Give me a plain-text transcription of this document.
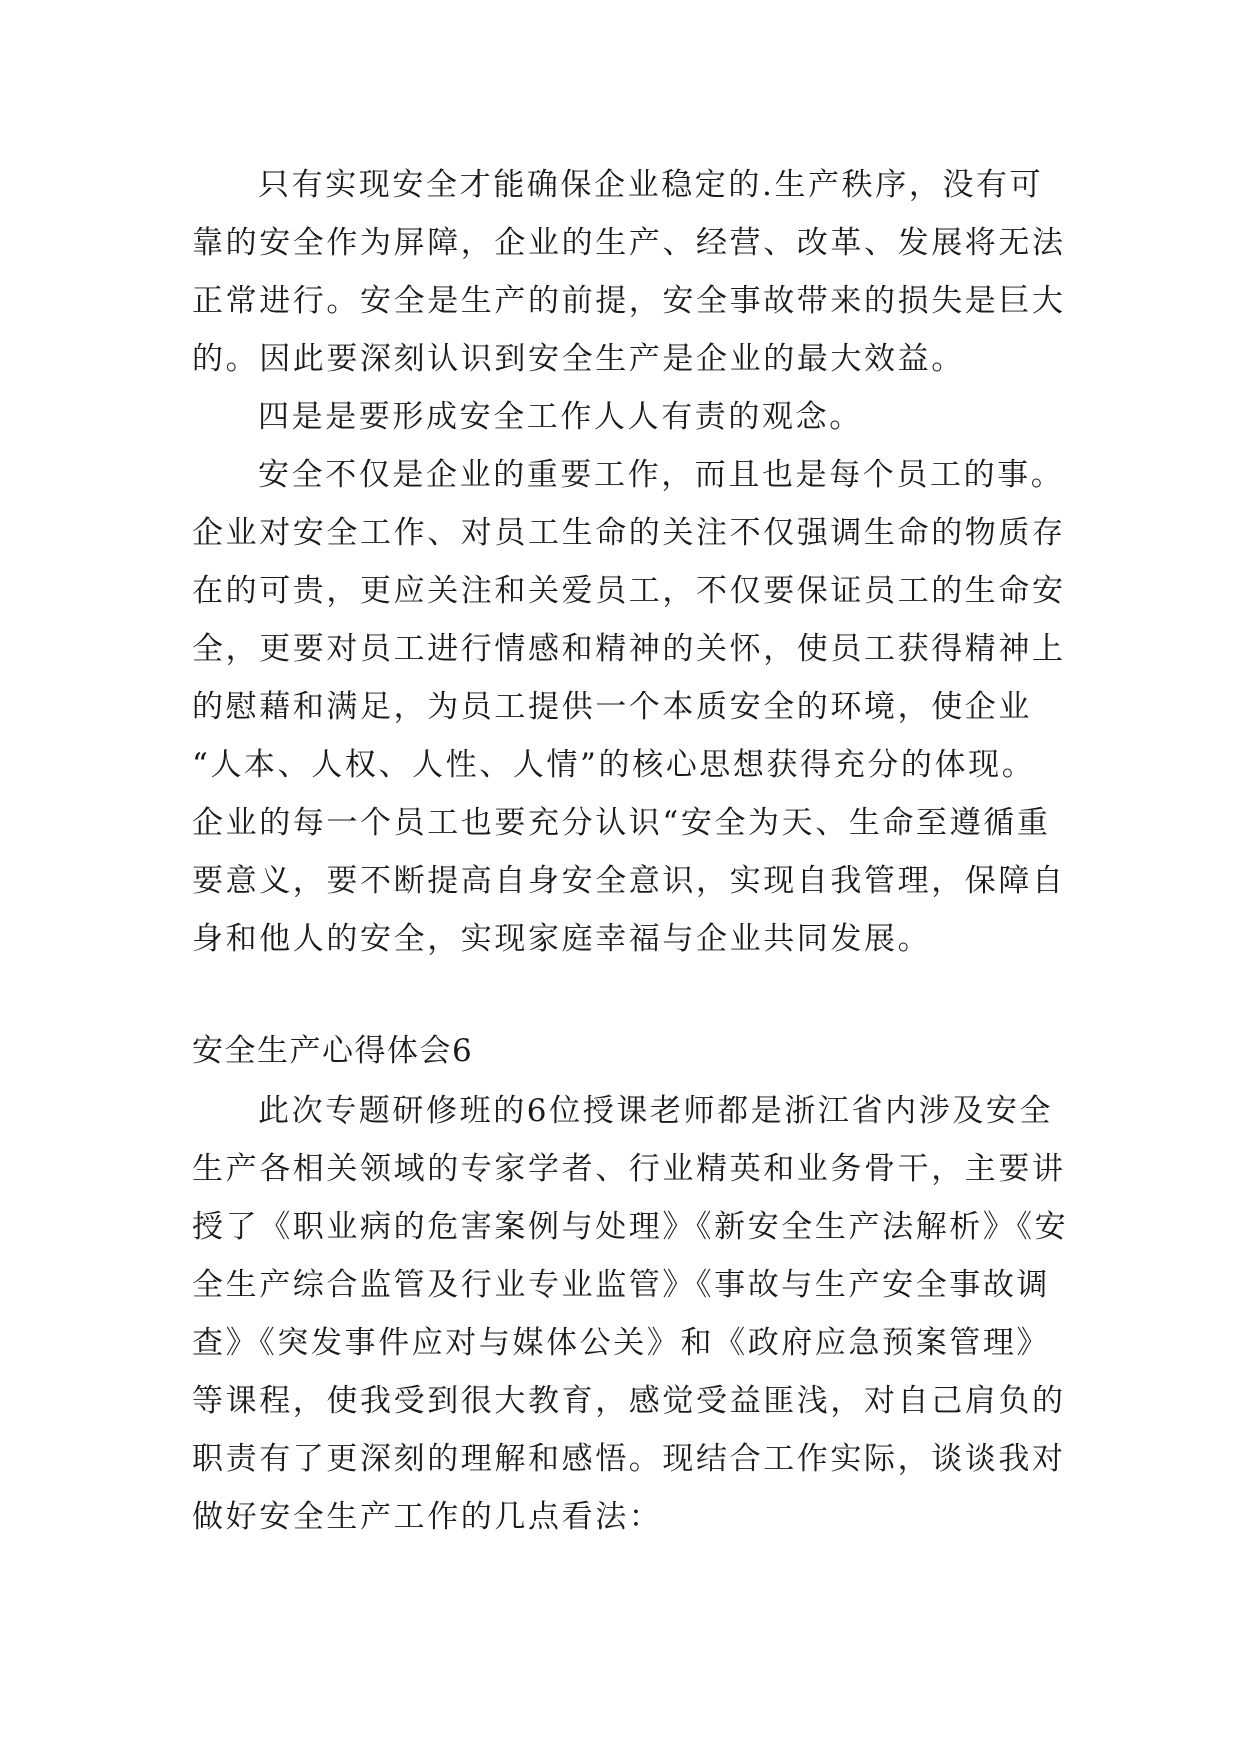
只有实现安全才能确保企业稳定的.生产秩序，没有可
靠的安全作为屏障，企业的生产、经营、改革、发展将无法
正常进行。安全是生产的前提，安全事故带来的损失是巨大
的。因此要深刻认识到安全生产是企业的最大效益。
四是是要形成安全工作人人有责的观念。
安全不仅是企业的重要工作，而且也是每个员工的事。
企业对安全工作、对员工生命的关注不仅强调生命的物质存
在的可贵，更应关注和关爱员工，不仅要保证员工的生命安
全，更要对员工进行情感和精神的关怀，使员工获得精神上
的慰藉和满足，为员工提供一个本质安全的环境，使企业
“人本、人权、人性、人情”的核心思想获得充分的体现。
企业的每一个员工也要充分认识“安全为天、生命至遵循重
要意义，要不断提高自身安全意识，实现自我管理，保障自
身和他人的安全，实现家庭幸福与企业共同发展。
安全生产心得体会6
此次专题研修班的6位授课老师都是浙江省内涉及安全
生产各相关领域的专家学者、行业精英和业务骨干，主要讲
授了《职业病的危害案例与处理》《新安全生产法解析》《安
全生产综合监管及行业专业监管》《事故与生产安全事故调
查》《突发事件应对与媒体公关》和《政府应急预案管理》
等课程，使我受到很大教育，感觉受益匪浅，对自己肩负的
职责有了更深刻的理解和感悟。现结合工作实际，谈谈我对
做好安全生产工作的几点看法：
